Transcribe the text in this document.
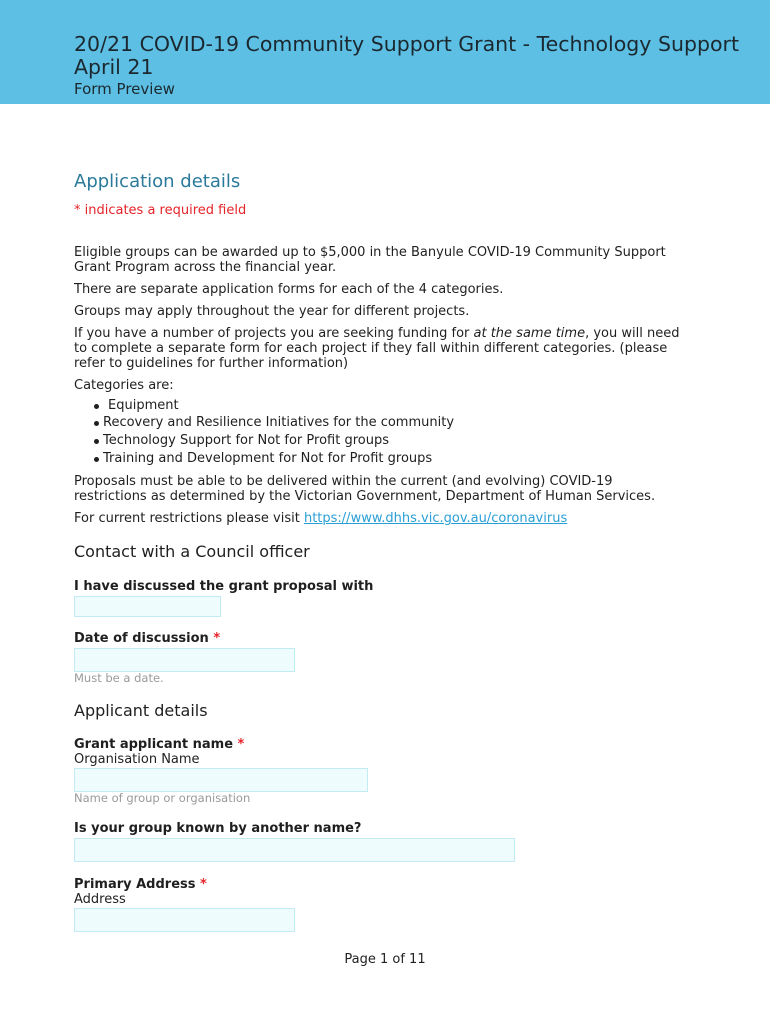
20/21 COVID-19 Community Support Grant - Technology Support April 21
Form Preview
Application details
* indicates a required field

Eligible groups can be awarded up to $5,000 in the Banyule COVID-19 Community Support Grant Program across the financial year.

There are separate application forms for each of the 4 categories.

Groups may apply throughout the year for different projects.

If you have a number of projects you are seeking funding for at the same time, you will need to complete a separate form for each project if they fall within different categories. (please refer to guidelines for further information)

Categories are:

Equipment
Recovery and Resilience Initiatives for the community
Technology Support for Not for Profit groups
Training and Development for Not for Profit groups

Proposals must be able to be delivered within the current (and evolving) COVID-19 restrictions as determined by the Victorian Government, Department of Human Services.

For current restrictions please visit https://www.dhhs.vic.gov.au/coronavirus

Contact with a Council officer
I have discussed the grant proposal with
Date of discussion *
Must be a date.
Applicant details
Grant applicant name *
Organisation Name
Name of group or organisation
Is your group known by another name?
Primary Address *
Address
Page 1 of 11
